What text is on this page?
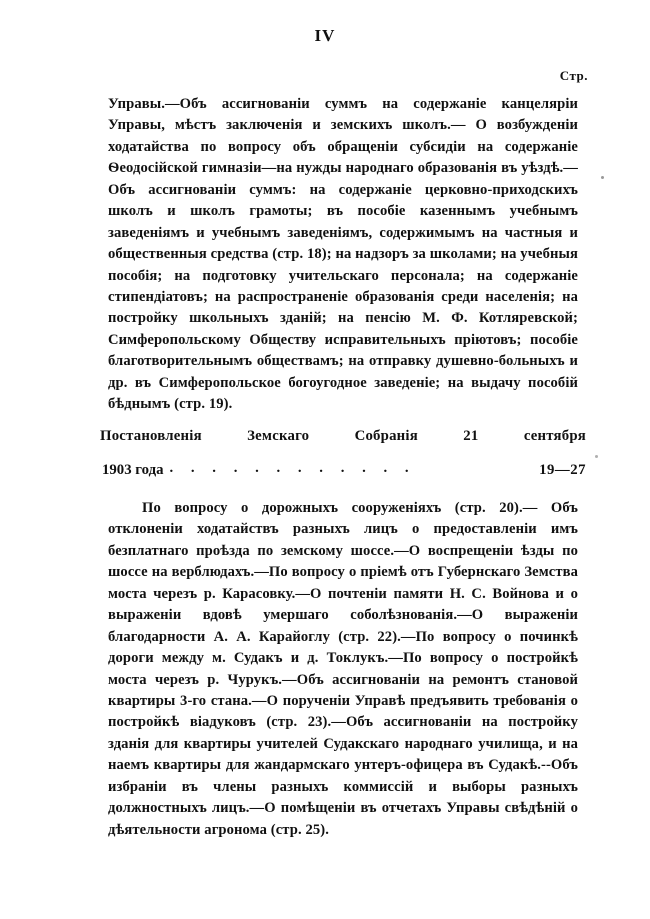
IV
Стр.
Управы.—Объ ассигнованіи суммъ на содержаніе канцеляріи Управы, мѣстъ заключенія и земскихъ школъ.— О возбужденіи ходатайства по вопросу объ обращеніи субсидіи на содержаніе Ѳеодосійской гимназіи—на нужды народнаго образованія въ уѣздѣ.— Объ ассигнованіи суммъ: на содержаніе церковно-приходскихъ школъ и школъ грамоты; въ пособіе казеннымъ учебнымъ заведеніямъ и учебнымъ заведеніямъ, содержимымъ на частныя и общественныя средства (стр. 18); на надзоръ за школами; на учебныя пособія; на подготовку учительскаго персонала; на содержаніе стипендіатовъ; на распространеніе образованія среди населенія; на постройку школьныхъ зданій; на пенсію М. Ф. Котляревской; Симферопольскому Обществу исправительныхъ пріютовъ; пособіе благотворительнымъ обществамъ; на отправку душевно-больныхъ и др. въ Симферопольское богоугодное заведеніе; на выдачу пособій бѣднымъ (стр. 19).
Постановленія	Земскаго	Собранія	21	сентября
1903 года . . . . . . . . . . . .	19—27
По вопросу о дорожныхъ сооруженіяхъ (стр. 20).— Объ отклоненіи ходатайствъ разныхъ лицъ о предоставленіи имъ безплатнаго проѣзда по земскому шоссе.—О воспрещеніи ѣзды по шоссе на верблюдахъ.—По вопросу о пріемѣ отъ Губернскаго Земства моста черезъ р. Карасовку.—О почтеніи памяти Н. С. Войнова и о выраженіи вдовѣ умершаго соболѣзнованія.—О выраженіи благодарности А. А. Карайоглу (стр. 22).—По вопросу о починкѣ дороги между м. Судакъ и д. Токлукъ.—По вопросу о постройкѣ моста черезъ р. Чурукъ.—Объ ассигнованіи на ремонтъ становой квартиры 3-го стана.—О порученіи Управѣ предъявить требованія о постройкѣ віадуковъ (стр. 23).—Объ ассигнованіи на постройку зданія для квартиры учителей Судакскаго народнаго училища, и на наемъ квартиры для жандармскаго унтеръ-офицера въ Судакѣ.--Объ избраніи въ члены разныхъ коммиссій и выборы разныхъ должностныхъ лицъ.—О помѣщеніи въ отчетахъ Управы свѣдѣній о дѣятельности агронома (стр. 25).
